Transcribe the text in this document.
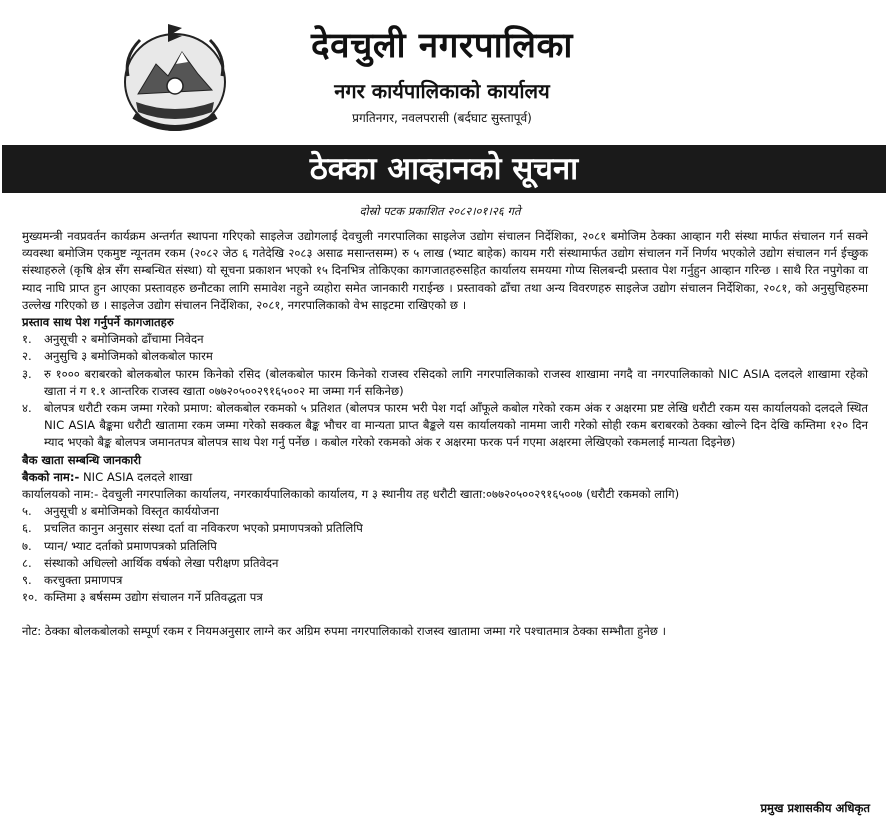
देवचुली नगरपालिका
नगर कार्यपालिकाको कार्यालय
प्रगतिनगर, नवलपरासी (बर्दघाट सुस्तापूर्व)
ठेक्का आव्हानको सूचना
दोस्रो पटक प्रकाशित २०८२।०१।२६ गते

मुख्यमन्त्री नवप्रवर्तन कार्यक्रम अन्तर्गत स्थापना गरिएको साइलेज उद्योगलाई देवचुली नगरपालिका साइलेज उद्योग संचालन निर्देशिका, २०८१ बमोजिम ठेक्का आव्हान गरी संस्था मार्फत संचालन गर्न सक्ने व्यवस्था बमोजिम एकमुष्ट न्यूनतम रकम (२०८२ जेठ ६ गतेदेखि २०८३ असाढ मसान्तसम्म) रु ५ लाख (भ्याट बाहेक) कायम गरी संस्थामार्फत उद्योग संचालन गर्ने निर्णय भएकोले उद्योग संचालन गर्न ईच्छुक संस्थाहरुले (कृषि क्षेत्र सँग सम्बन्धित संस्था) यो सूचना प्रकाशन भएको १५ दिनभित्र तोकिएका कागजातहरुसहित कार्यालय समयमा गोप्य सिलबन्दी प्रस्ताव पेश गर्नुहुन आव्हान गरिन्छ । साथै रित नपुगेका वा म्याद नाघि प्राप्त हुन आएका प्रस्तावहरु छनौटका लागि समावेश नहुने व्यहोरा समेत जानकारी गराईन्छ । प्रस्तावको ढाँचा तथा अन्य विवरणहरु साइलेज उद्योग संचालन निर्देशिका, २०८१, को अनुसुचिहरुमा उल्लेख गरिएको छ । साइलेज उद्योग संचालन निर्देशिका, २०८१, नगरपालिकाको वेभ साइटमा राखिएको छ ।

प्रस्ताव साथ पेश गर्नुपर्ने कागजातहरु

१.	अनुसूची २ बमोजिमको ढाँचामा निवेदन
२.	अनुसुचि ३ बमोजिमको बोलकबोल फारम
३.	रु १००० बराबरको बोलकबोल फारम किनेको रसिद (बोलकबोल फारम किनेको राजस्व रसिदको लागि नगरपालिकाको राजस्व शाखामा नगदै वा नगरपालिकाको NIC ASIA दलदले शाखामा रहेको खाता नं ग १.१ आन्तरिक राजस्व खाता ०७७२०५००२९१६५००२ मा जम्मा गर्न सकिनेछ)
४.	बोलपत्र धरौटी रकम जम्मा गरेको प्रमाण: बोलकबोल रकमको ५ प्रतिशत (बोलपत्र फारम भरी पेश गर्दा आँफूले कबोल गरेको रकम अंक र अक्षरमा प्रष्ट लेखि धरौटी रकम यस कार्यालयको दलदले स्थित NIC ASIA बैङ्कमा धरौटी खातामा रकम जम्मा गरेको सक्कल बैङ्क भौचर वा मान्यता प्राप्त बैङ्कले यस कार्यालयको नाममा जारी गरेको सोही रकम बराबरको ठेक्का खोल्ने दिन देखि कम्तिमा १२० दिन म्याद भएको बैङ्क बोलपत्र जमानतपत्र बोलपत्र साथ पेश गर्नु पर्नेछ । कबोल गरेको रकमको अंक र अक्षरमा फरक पर्न गएमा अक्षरमा लेखिएको रकमलाई मान्यता दिइनेछ)

बैक खाता सम्बन्धि जानकारी

बैकको नाम:- NIC ASIA दलदले शाखा

कार्यालयको नाम:- देवचुली नगरपालिका कार्यालय, नगरकार्यपालिकाको कार्यालय, ग ३ स्थानीय तह धरौटी खाता:०७७२०५००२९१६५००७ (धरौटी रकमको लागि)

५.	अनुसूची ४ बमोजिमको विस्तृत कार्ययोजना
६.	प्रचलित कानुन अनुसार संस्था दर्ता वा नविकरण भएको प्रमाणपत्रको प्रतिलिपि
७.	प्यान/ भ्याट दर्ताको प्रमाणपत्रको प्रतिलिपि
८.	संस्थाको अधिल्लो आर्थिक वर्षको लेखा परीक्षण प्रतिवेदन
९.	करचुक्ता प्रमाणपत्र
१०. कम्तिमा ३ बर्षसम्म उद्योग संचालन गर्ने प्रतिवद्धता पत्र

नोट: ठेक्का बोलकबोलको सम्पूर्ण रकम र नियमअनुसार लाग्ने कर अग्रिम रुपमा नगरपालिकाको राजस्व खातामा जम्मा गरे पश्चातमात्र ठेक्का सम्भौता हुनेछ ।

प्रमुख प्रशासकीय अधिकृत
